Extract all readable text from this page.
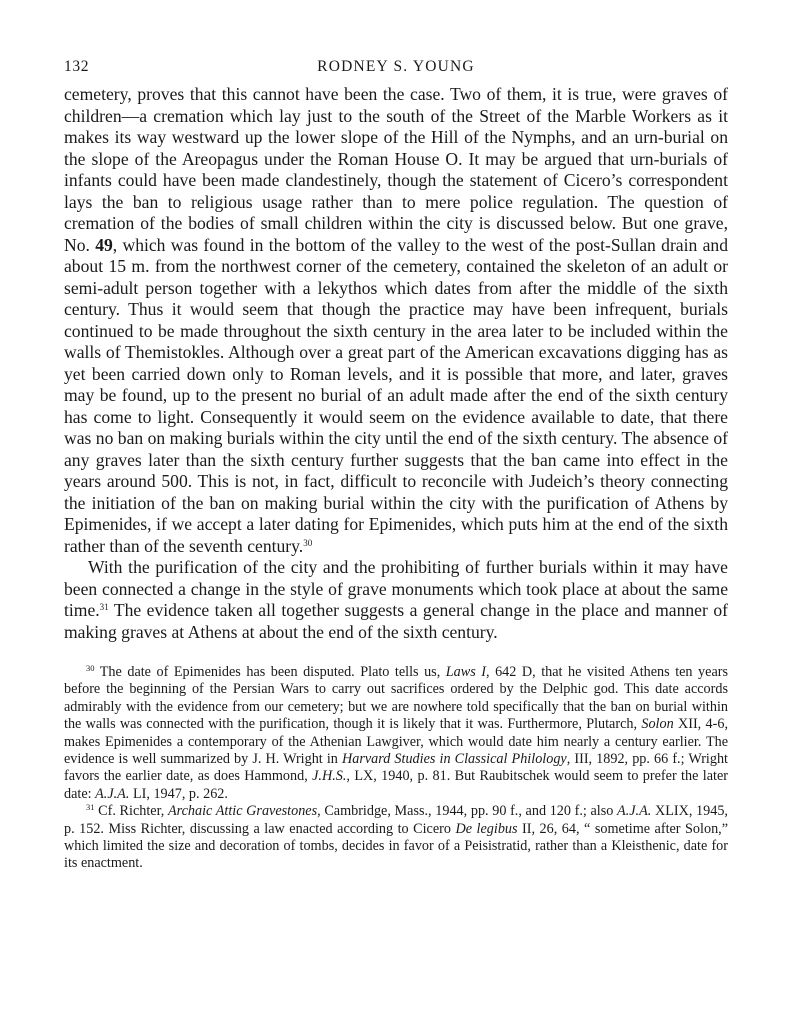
132	RODNEY S. YOUNG

cemetery, proves that this cannot have been the case. Two of them, it is true, were graves of children—a cremation which lay just to the south of the Street of the Marble Workers as it makes its way westward up the lower slope of the Hill of the Nymphs, and an urn-burial on the slope of the Areopagus under the Roman House O. It may be argued that urn-burials of infants could have been made clandestinely, though the statement of Cicero’s correspondent lays the ban to religious usage rather than to mere police regulation. The question of cremation of the bodies of small children within the city is discussed below. But one grave, No. 49, which was found in the bottom of the valley to the west of the post-Sullan drain and about 15 m. from the northwest corner of the cemetery, contained the skeleton of an adult or semi-adult person together with a lekythos which dates from after the middle of the sixth century. Thus it would seem that though the practice may have been infrequent, burials continued to be made throughout the sixth century in the area later to be included within the walls of Themistokles. Although over a great part of the American excavations digging has as yet been carried down only to Roman levels, and it is possible that more, and later, graves may be found, up to the present no burial of an adult made after the end of the sixth century has come to light. Consequently it would seem on the evidence available to date, that there was no ban on making burials within the city until the end of the sixth century. The absence of any graves later than the sixth century further suggests that the ban came into effect in the years around 500. This is not, in fact, difficult to reconcile with Judeich’s theory connecting the initiation of the ban on making burial within the city with the purification of Athens by Epimenides, if we accept a later dating for Epimenides, which puts him at the end of the sixth rather than of the seventh century.$^{30}$

With the purification of the city and the prohibiting of further burials within it may have been connected a change in the style of grave monuments which took place at about the same time.$^{31}$ The evidence taken all together suggests a general change in the place and manner of making graves at Athens at about the end of the sixth century.

$^{30}$ The date of Epimenides has been disputed. Plato tells us, Laws I, 642 D, that he visited Athens ten years before the beginning of the Persian Wars to carry out sacrifices ordered by the Delphic god. This date accords admirably with the evidence from our cemetery; but we are nowhere told specifically that the ban on burial within the walls was connected with the purification, though it is likely that it was. Furthermore, Plutarch, Solon XII, 4-6, makes Epimenides a contemporary of the Athenian Lawgiver, which would date him nearly a century earlier. The evidence is well summarized by J. H. Wright in Harvard Studies in Classical Philology, III, 1892, pp. 66 f.; Wright favors the earlier date, as does Hammond, J.H.S., LX, 1940, p. 81. But Raubitschek would seem to prefer the later date: A.J.A. LI, 1947, p. 262.

$^{31}$ Cf. Richter, Archaic Attic Gravestones, Cambridge, Mass., 1944, pp. 90 f., and 120 f.; also A.J.A. XLIX, 1945, p. 152. Miss Richter, discussing a law enacted according to Cicero De legibus II, 26, 64, “ sometime after Solon,” which limited the size and decoration of tombs, decides in favor of a Peisistratid, rather than a Kleisthenic, date for its enactment.
